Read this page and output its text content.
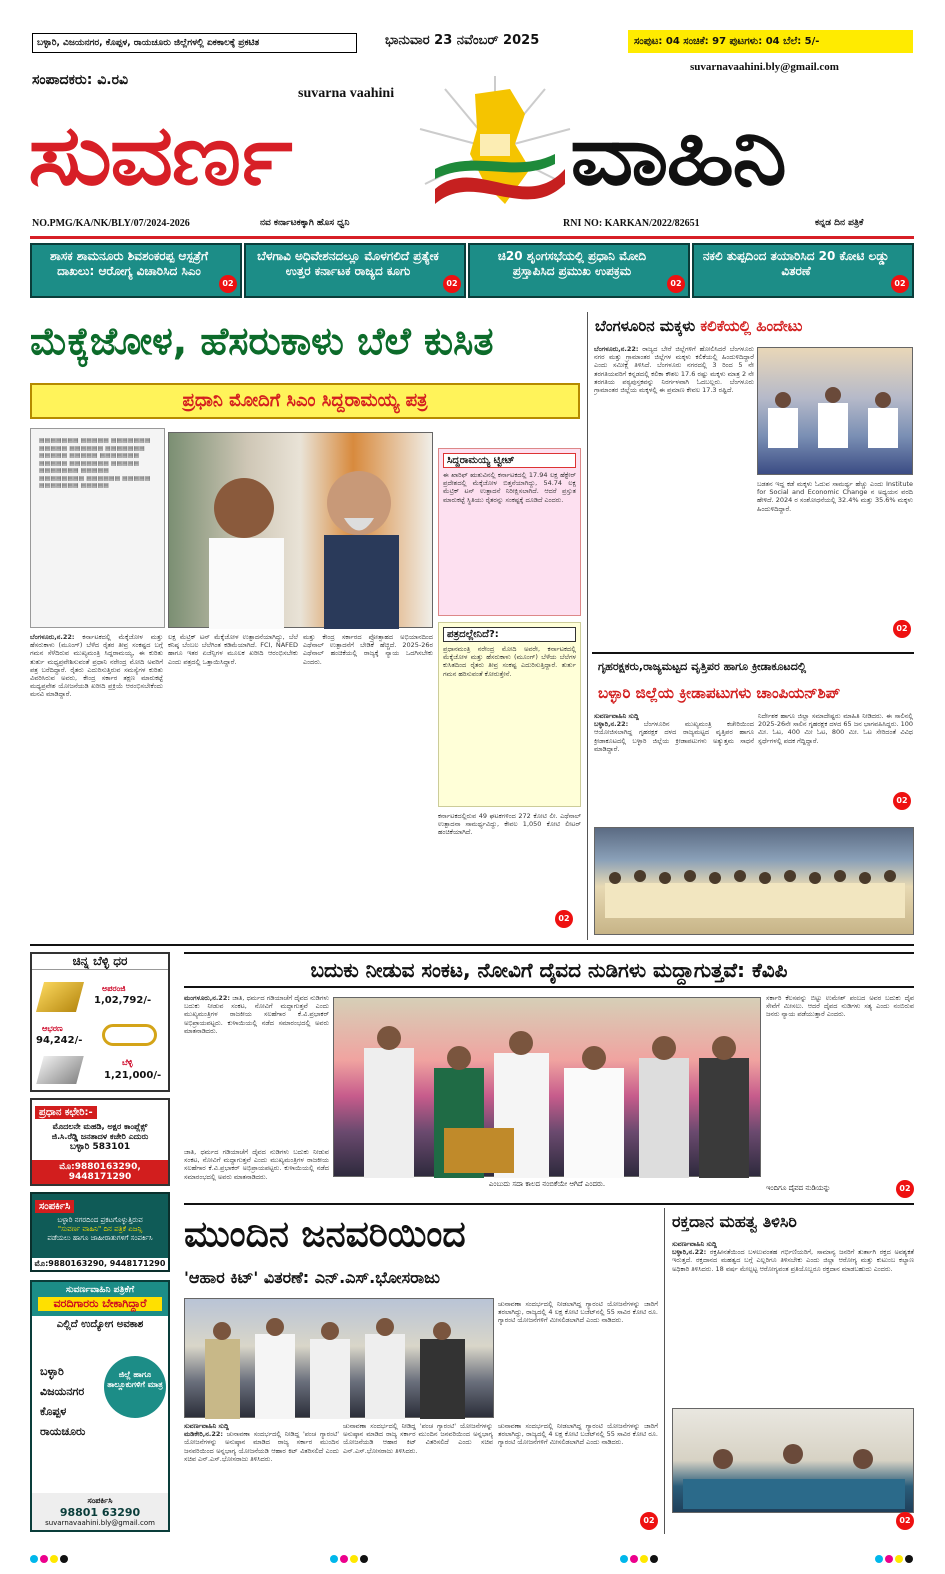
ಬಳ್ಳಾರಿ, ವಿಜಯನಗರ, ಕೊಪ್ಪಳ, ರಾಯಚೂರು ಜಿಲ್ಲೆಗಳಲ್ಲಿ ಏಕಕಾಲಕ್ಕೆ ಪ್ರಕಟಿತ	ಭಾನುವಾರ 23 ನವೆಂಬರ್ 2025	ಸಂಪುಟ: 04 ಸಂಚಿಕೆ: 97 ಪುಟಗಳು: 04 ಬೆಲೆ: 5/-
ಸಂಪಾದಕರು: ವಿ.ರವಿ
suvarnavaahini.bly@gmail.com
suvarna vaahini
ಸುವರ್ಣ	ವಾಹಿನಿ
NO.PMG/KA/NK/BLY/07/2024-2026	ನವ ಕರ್ನಾಟಕಕ್ಕಾಗಿ ಹೊಸ ಧ್ವನಿ	RNI NO: KARKAN/2022/82651	ಕನ್ನಡ ದಿನ ಪತ್ರಿಕೆ
ಶಾಸಕ ಶಾಮನೂರು ಶಿವಶಂಕರಪ್ಪ ಆಸ್ಪತ್ರೆಗೆ ದಾಖಲು: ಆರೋಗ್ಯ ವಿಚಾರಿಸಿದ ಸಿಎಂ
02
ಬೆಳಗಾವಿ ಅಧಿವೇಶನದಲ್ಲೂ ಮೊಳಗಲಿದೆ ಪ್ರತ್ಯೇಕ ಉತ್ತರ ಕರ್ನಾಟಕ ರಾಜ್ಯದ ಕೂಗು
02
ಚಿ20 ಶೃಂಗಸಭೆಯಲ್ಲಿ ಪ್ರಧಾನಿ ಮೋದಿ ಪ್ರಸ್ತಾಪಿಸಿದ ಪ್ರಮುಖ ಉಪಕ್ರಮ
02
ನಕಲಿ ತುಪ್ಪದಿಂದ ತಯಾರಿಸಿದ 20 ಕೋಟಿ ಲಡ್ಡು ವಿತರಣೆ
02
ಮೆಕ್ಕೆಜೋಳ, ಹೆಸರುಕಾಳು ಬೆಲೆ ಕುಸಿತ
ಪ್ರಧಾನಿ ಮೋದಿಗೆ ಸಿಎಂ ಸಿದ್ದರಾಮಯ್ಯ ಪತ್ರ
▤▤▤▤▤▤▤ ▤▤▤▤▤ ▤▤▤▤▤▤▤ ▤▤▤▤▤ ▤▤▤▤▤▤ ▤▤▤▤▤▤▤ ▤▤▤▤▤ ▤▤▤▤▤ ▤▤▤▤▤▤▤ ▤▤▤▤▤ ▤▤▤▤▤▤▤ ▤▤▤▤▤ ▤▤▤▤▤▤▤ ▤▤▤▤▤ ▤▤▤▤▤▤▤▤ ▤▤▤▤▤▤ ▤▤▤▤▤ ▤▤▤▤▤▤▤ ▤▤▤▤▤
ಸಿದ್ದರಾಮಯ್ಯ ಟ್ವೀಟ್
ಈ ಖಾರಿಫ್ ಋತುವಿನಲ್ಲಿ ಕರ್ನಾಟಕದಲ್ಲಿ 17.94 ಲಕ್ಷ ಹೆಕ್ಟೇರ್ ಪ್ರದೇಶದಲ್ಲಿ ಮೆಕ್ಕೆಜೋಳ ಬಿತ್ತನೆಯಾಗಿದ್ದು, 54.74 ಲಕ್ಷ ಮೆಟ್ರಿಕ್ ಟನ್ ಉತ್ಪಾದನೆ ನಿರೀಕ್ಷಿಸಲಾಗಿದೆ. ಆದರೆ ಪ್ರಸ್ತುತ ಮಾರುಕಟ್ಟೆ ಸ್ಥಿತಿಯು ರೈತರನ್ನು ಸಂಕಷ್ಟಕ್ಕೆ ದೂಡಿದೆ ಎಂದರು.
ಪತ್ರದಲ್ಲೇನಿದೆ?:
ಪ್ರಧಾನಮಂತ್ರಿ ನರೇಂದ್ರ ಮೋದಿ ಅವರೇ, ಕರ್ನಾಟಕದಲ್ಲಿ ಮೆಕ್ಕೆಜೋಳ ಮತ್ತು ಹೆಸರುಕಾಳು (ಮೂಂಗ್) ಬೆಳೆಯ ಬೆಲೆಗಳ ಕುಸಿತದಿಂದ ರೈತರು ತೀವ್ರ ಸಂಕಷ್ಟ ಎದುರಿಸುತ್ತಿದ್ದಾರೆ. ತುರ್ತು ಗಮನ ಹರಿಸುವಂತೆ ಕೋರುತ್ತೇನೆ.
ಬೆಂಗಳೂರು,ನ.22: ಕರ್ನಾಟಕದಲ್ಲಿ ಮೆಕ್ಕೆಜೋಳ ಮತ್ತು ಹೆಸರುಕಾಳು (ಮೂಂಗ್) ಬೆಳೆದ ರೈತರ ತೀವ್ರ ಸಂಕಷ್ಟದ ಬಗ್ಗೆ ಗಮನ ಸೆಳೆದಿರುವ ಮುಖ್ಯಮಂತ್ರಿ ಸಿದ್ದರಾಮಯ್ಯ, ಈ ಕುರಿತು ತುರ್ತು ಮಧ್ಯಪ್ರವೇಶಿಸುವಂತೆ ಪ್ರಧಾನಿ ನರೇಂದ್ರ ಮೋದಿ ಅವರಿಗೆ ಪತ್ರ ಬರೆದಿದ್ದಾರೆ. ರೈತರು ಎದುರಿಸುತ್ತಿರುವ ಸಮಸ್ಯೆಗಳ ಕುರಿತು ವಿವರಿಸಿರುವ ಅವರು, ಕೇಂದ್ರ ಸರ್ಕಾರ ತಕ್ಷಣ ಮಾರುಕಟ್ಟೆ ಮಧ್ಯಪ್ರವೇಶ ಯೋಜನೆಯಡಿ ಖರೀದಿ ಪ್ರಕ್ರಿಯೆ ಆರಂಭಿಸಬೇಕೆಂದು ಮನವಿ ಮಾಡಿದ್ದಾರೆ.
ಲಕ್ಷ ಮೆಟ್ರಿಕ್ ಟನ್ ಮೆಕ್ಕೆಜೋಳ ಉತ್ಪಾದನೆಯಾಗಿದ್ದು, ಬೆಲೆ ಕನಿಷ್ಠ ಬೆಂಬಲ ಬೆಲೆಗಿಂತ ಕಡಿಮೆಯಾಗಿದೆ. FCI, NAFED ಹಾಗೂ ಇತರ ಏಜೆನ್ಸಿಗಳ ಮೂಲಕ ಖರೀದಿ ಆರಂಭಿಸಬೇಕು ಎಂದು ಪತ್ರದಲ್ಲಿ ಒತ್ತಾಯಿಸಿದ್ದಾರೆ.
ಮತ್ತು ಕೇಂದ್ರ ಸರ್ಕಾರದ ಪ್ರೋತ್ಸಾಹದ ಅಭಿಯಾನದಿಂದ ಎಥೆನಾಲ್ ಉತ್ಪಾದನೆಗೆ ಬೇಡಿಕೆ ಹೆಚ್ಚಿದೆ. 2025-26ರ ಎಥೆನಾಲ್ ಹಂಚಿಕೆಯಲ್ಲಿ ರಾಜ್ಯಕ್ಕೆ ನ್ಯಾಯ ಒದಗಿಸಬೇಕು ಎಂದರು.
ಕರ್ನಾಟಕದಲ್ಲಿರುವ 49 ಘಟಕಗಳಿಂದ 272 ಕೋಟಿ ಲೀ. ಎಥೆನಾಲ್ ಉತ್ಪಾದನಾ ಸಾಮರ್ಥ್ಯವಿದ್ದು, ಕೇವಲ 1,050 ಕೋಟಿ ಲೀಟರ್ ಹಂಚಿಕೆಯಾಗಿದೆ.
02
ಬೆಂಗಳೂರಿನ ಮಕ್ಕಳು ಕಲಿಕೆಯಲ್ಲಿ ಹಿಂದೇಟು
ಬೆಂಗಳೂರು,ನ.22: ರಾಜ್ಯದ ಬೇರೆ ಜಿಲ್ಲೆಗಳಿಗೆ ಹೋಲಿಸಿದರೆ ಬೆಂಗಳೂರು ನಗರ ಮತ್ತು ಗ್ರಾಮಾಂತರ ಜಿಲ್ಲೆಗಳ ಮಕ್ಕಳು ಕಲಿಕೆಯಲ್ಲಿ ಹಿಂದುಳಿದಿದ್ದಾರೆ ಎಂದು ಸಮೀಕ್ಷೆ ತಿಳಿಸಿದೆ. ಬೆಂಗಳೂರು ನಗರದಲ್ಲಿ 3 ರಿಂದ 5 ನೇ ತರಗತಿಯವರಿಗೆ ಕನ್ನಡದಲ್ಲಿ ಕಲಿಕಾ ಕೌಶಲ 17.6 ರಷ್ಟು ಮಕ್ಕಳು ಮಾತ್ರ 2 ನೇ ತರಗತಿಯ ಪಠ್ಯಪುಸ್ತಕವನ್ನು ನಿರರ್ಗಳವಾಗಿ ಓದಬಲ್ಲರು. ಬೆಂಗಳೂರು ಗ್ರಾಮಾಂತರ ಜಿಲ್ಲೆಯ ಮಕ್ಕಳಲ್ಲಿ ಈ ಪ್ರಮಾಣ ಕೇವಲ 17.3 ರಷ್ಟಿದೆ.
ಬಡತನ ಇದ್ದ ಕಡೆ ಮಕ್ಕಳು ಓದುವ ಸಾಮರ್ಥ್ಯ ಹೆಚ್ಚು ಎಂದು Institute for Social and Economic Change ನ ಅಧ್ಯಯನ ವರದಿ ಹೇಳಿದೆ. 2024 ರ ಸಂಶೋಧನೆಯಲ್ಲಿ 32.4% ಮತ್ತು 35.6% ಮಕ್ಕಳು ಹಿಂದುಳಿದಿದ್ದಾರೆ.
02
ಗೃಹರಕ್ಷಕರು,ರಾಜ್ಯಮಟ್ಟದ ವೃತ್ತಿಪರ ಹಾಗೂ ಕ್ರೀಡಾಕೂಟದಲ್ಲಿ
ಬಳ್ಳಾರಿ ಜಿಲ್ಲೆಯ ಕ್ರೀಡಾಪಟುಗಳು ಚಾಂಪಿಯನ್‌ಶಿಪ್
ಸುವರ್ಣವಾಹಿನಿ ಸುದ್ದಿ
ಬಳ್ಳಾರಿ,ನ.22: ಬೆಂಗಳೂರಿನ ಮುಖ್ಯಮಂತ್ರಿ ಕಚೇರಿಯಿಂದ ಆಯೋಜಿಸಲಾಗಿದ್ದ ಗೃಹರಕ್ಷಕ ದಳದ ರಾಜ್ಯಮಟ್ಟದ ವೃತ್ತಿಪರ ಹಾಗೂ ಕ್ರೀಡಾಕೂಟದಲ್ಲಿ ಬಳ್ಳಾರಿ ಜಿಲ್ಲೆಯ ಕ್ರೀಡಾಪಟುಗಳು ಅತ್ಯುತ್ತಮ ಸಾಧನೆ ಮಾಡಿದ್ದಾರೆ.
ನಿರ್ದೇಶಕ ಹಾಗೂ ಜಿಲ್ಲಾ ಸಮಾದೇಷ್ಟರು ಮಾಹಿತಿ ನೀಡಿದರು. ಈ ಸಾಲಿನಲ್ಲಿ 2025-26ನೇ ಸಾಲಿನ ಗೃಹರಕ್ಷಕ ದಳದ 65 ಜನ ಭಾಗವಹಿಸಿದ್ದರು. 100 ಮೀ. ಓಟ, 400 ಮೀ ಓಟ, 800 ಮೀ. ಓಟ ಸೇರಿದಂತೆ ವಿವಿಧ ಸ್ಪರ್ಧೆಗಳಲ್ಲಿ ಪದಕ ಗೆದ್ದಿದ್ದಾರೆ.
02
ಚಿನ್ನ ಬೆಳ್ಳಿ ಧರ
ಅಪರಂಜಿ
1,02,792/-
ಆಭರಣ
94,242/-
ಬೆಳ್ಳಿ
1,21,000/-
ಪ್ರಧಾನ ಕಛೇರಿ:-
ಮೊದಲನೇ ಮಹಡಿ, ಅಕ್ಷರ ಕಾಂಪ್ಲೆಕ್ಸ್
ಜಿ.ಸಿ.ರೆಡ್ಡಿ ಜನತಾದಳ ಕಚೇರಿ ಎದುರು
ಬಳ್ಳಾರಿ 583101
ಮೊ:9880163290, 9448171290
ಸಂಪರ್ಕಿಸಿ
ಬಳ್ಳಾರಿ ನಗರದಿಂದ ಪ್ರಕಟಗೊಳ್ಳುತ್ತಿರುವ
"ಸುವರ್ಣ ವಾಹಿನಿ" ದಿನ ಪತ್ರಿಕೆ ಏಜನ್ಸಿ
ಪಡೆಯಲು ಹಾಗೂ ಜಾಹೀರಾತುಗಳಿಗೆ ಸಂಪರ್ಕಿಸಿ
ಮೊ:9880163290, 9448171290
ಸುವರ್ಣವಾಹಿನಿ ಪತ್ರಿಕೆಗೆ
ವರದಿಗಾರರು ಬೇಕಾಗಿದ್ದಾರೆ
ಎಲ್ಲಿದೆ ಉದ್ಯೋಗ ಅವಕಾಶ
ಬಳ್ಳಾರಿ
ವಿಜಯನಗರ
ಕೊಪ್ಪಳ
ರಾಯಚೂರು
ಜಿಲ್ಲೆ ಹಾಗೂ ತಾಲ್ಲೂಕುಗಳಿಗೆ ಮಾತ್ರ
ಸಂಪರ್ಕಿಸಿ
98801 63290
suvarnavaahini.bly@gmail.com
ಬದುಕು ನೀಡುವ ಸಂಕಟ, ನೋವಿಗೆ ದೈವದ ನುಡಿಗಳು ಮದ್ದಾಗುತ್ತವೆ: ಕೆವಿಪಿ
ಮಂಗಳೂರು,ನ.22: ಜಾತಿ, ಧರ್ಮದ ಗಡಿಯಾಚೆಗೆ ದೈವದ ನುಡಿಗಳು ಬದುಕು ನೀಡುವ ಸಂಕಟ, ನೋವಿಗೆ ಮದ್ದಾಗುತ್ತವೆ ಎಂದು ಮುಖ್ಯಮಂತ್ರಿಗಳ ರಾಜಕೀಯ ಸಲಹೆಗಾರ ಕೆ.ವಿ.ಪ್ರಭಾಕರ್ ಅಭಿಪ್ರಾಯಪಟ್ಟರು. ಕುಳಾಯಿಯಲ್ಲಿ ನಡೆದ ಸಮಾರಂಭದಲ್ಲಿ ಅವರು ಮಾತನಾಡಿದರು.
ಜಾತಿ, ಧರ್ಮದ ಗಡಿಯಾಚೆಗೆ ದೈವದ ನುಡಿಗಳು ಬದುಕು ನೀಡುವ ಸಂಕಟ, ನೋವಿಗೆ ಮದ್ದಾಗುತ್ತವೆ ಎಂದು ಮುಖ್ಯಮಂತ್ರಿಗಳ ರಾಜಕೀಯ ಸಲಹೆಗಾರ ಕೆ.ವಿ.ಪ್ರಭಾಕರ್ ಅಭಿಪ್ರಾಯಪಟ್ಟರು. ಕುಳಾಯಿಯಲ್ಲಿ ನಡೆದ ಸಮಾರಂಭದಲ್ಲಿ ಅವರು ಮಾತನಾಡಿದರು.
ಎಂಬುದು ಸದಾ ಕಾಲದ ನಂಬಿಕೆಯೇ ಆಗಿದೆ ಎಂದರು.
ಸರ್ಕಾರಿ ಕೆಲಸವನ್ನು ಬಿಟ್ಟು ಉಮೇಶ್ ಪಂಬದ ಅವರ ಬದುಕು ದೈವ ಸೇವೆಗೆ ಮೀಸಲು. ಆದರೆ ದೈವದ ನುಡಿಗಳು ಸತ್ಯ ಎಂದು ನಂಬಿರುವ ಜನರು ನ್ಯಾಯ ಪಡೆಯುತ್ತಾರೆ ಎಂದರು.
ಇಂದಿಗೂ ದೈವದ ನುಡಿಯನ್ನು	02
ಮುಂದಿನ ಜನವರಿಯಿಂದ
'ಆಹಾರ ಕಿಟ್' ವಿತರಣೆ: ಎನ್.ಎಸ್.ಭೋಸರಾಜು
ಚುನಾವಣಾ ಸಂದರ್ಭದಲ್ಲಿ ನೀಡಲಾಗಿದ್ದ ಗ್ಯಾರಂಟಿ ಯೋಜನೆಗಳನ್ನು ಜಾರಿಗೆ ತರಲಾಗಿದ್ದು, ರಾಜ್ಯದಲ್ಲಿ 4 ಲಕ್ಷ ಕೋಟಿ ಬಜೆಟ್‌ನಲ್ಲಿ 55 ಸಾವಿರ ಕೋಟಿ ರೂ. ಗ್ಯಾರಂಟಿ ಯೋಜನೆಗಳಿಗೆ ಮೀಸಲಿಡಲಾಗಿದೆ ಎಂದು ನಾಡಿದರು.
ಸುವರ್ಣವಾಹಿನಿ ಸುದ್ದಿ
ಮಡಿಕೇರಿ,ನ.22: ಚುನಾವಣಾ ಸಂದರ್ಭದಲ್ಲಿ ನೀಡಿದ್ದ 'ಪಂಚ ಗ್ಯಾರಂಟಿ' ಯೋಜನೆಗಳನ್ನು ಅನುಷ್ಠಾನ ಮಾಡಿದ ರಾಜ್ಯ ಸರ್ಕಾರ ಮುಂದಿನ ಜನವರಿಯಿಂದ ಅನ್ನಭಾಗ್ಯ ಯೋಜನೆಯಡಿ ಆಹಾರ ಕಿಟ್ ವಿತರಿಸಲಿದೆ ಎಂದು ಸಚಿವ ಎನ್.ಎಸ್.ಭೋಸರಾಜು ತಿಳಿಸಿದರು.
ಚುನಾವಣಾ ಸಂದರ್ಭದಲ್ಲಿ ನೀಡಿದ್ದ 'ಪಂಚ ಗ್ಯಾರಂಟಿ' ಯೋಜನೆಗಳನ್ನು ಅನುಷ್ಠಾನ ಮಾಡಿದ ರಾಜ್ಯ ಸರ್ಕಾರ ಮುಂದಿನ ಜನವರಿಯಿಂದ ಅನ್ನಭಾಗ್ಯ ಯೋಜನೆಯಡಿ ಆಹಾರ ಕಿಟ್ ವಿತರಿಸಲಿದೆ ಎಂದು ಸಚಿವ ಎನ್.ಎಸ್.ಭೋಸರಾಜು ತಿಳಿಸಿದರು.
ಚುನಾವಣಾ ಸಂದರ್ಭದಲ್ಲಿ ನೀಡಲಾಗಿದ್ದ ಗ್ಯಾರಂಟಿ ಯೋಜನೆಗಳನ್ನು ಜಾರಿಗೆ ತರಲಾಗಿದ್ದು, ರಾಜ್ಯದಲ್ಲಿ 4 ಲಕ್ಷ ಕೋಟಿ ಬಜೆಟ್‌ನಲ್ಲಿ 55 ಸಾವಿರ ಕೋಟಿ ರೂ. ಗ್ಯಾರಂಟಿ ಯೋಜನೆಗಳಿಗೆ ಮೀಸಲಿಡಲಾಗಿದೆ ಎಂದು ನಾಡಿದರು.
02
ರಕ್ತದಾನ ಮಹತ್ವ ತಿಳಿಸಿರಿ
ಸುವರ್ಣವಾಹಿನಿ ಸುದ್ದಿ
ಬಳ್ಳಾರಿ,ನ.22: ರಕ್ತಹೀನತೆಯಿಂದ ಬಳಲುವಂತಹ ಗರ್ಭಿಣಿಯರಿಗೆ, ಸಾಮಾನ್ಯ ಜನರಿಗೆ ತುರ್ತಾಗಿ ರಕ್ತದ ಅವಶ್ಯಕತೆ ಇರುತ್ತದೆ. ರಕ್ತದಾನದ ಮಹತ್ವದ ಬಗ್ಗೆ ಎಲ್ಲರಿಗೂ ತಿಳಿಸಬೇಕು ಎಂದು ಜಿಲ್ಲಾ ಆರೋಗ್ಯ ಮತ್ತು ಕುಟುಂಬ ಕಲ್ಯಾಣ ಅಧಿಕಾರಿ ತಿಳಿಸಿದರು. 18 ವರ್ಷ ಮೇಲ್ಪಟ್ಟ ಆರೋಗ್ಯವಂತ ಪ್ರತಿಯೊಬ್ಬರೂ ರಕ್ತದಾನ ಮಾಡಬಹುದು ಎಂದರು.
02
